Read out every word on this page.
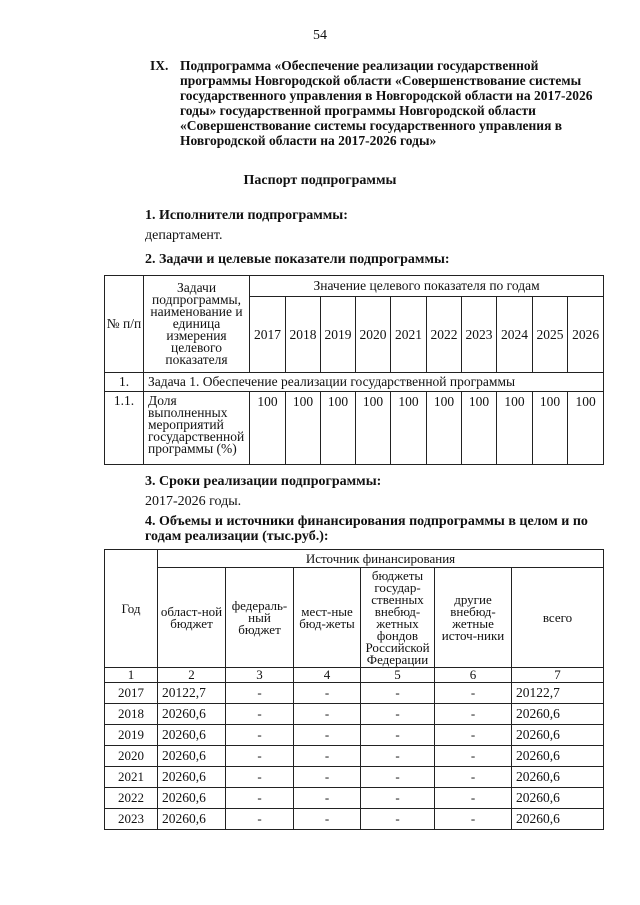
54
IX. Подпрограмма «Обеспечение реализации государственной программы Новгородской области «Совершенствование системы государственного управления в Новгородской области на 2017-2026 годы» государственной программы Новгородской области «Совершенствование системы государственного управления в Новгородской области на 2017-2026 годы»
Паспорт подпрограммы
1. Исполнители подпрограммы:
департамент.
2. Задачи и целевые показатели подпрограммы:
№ п/п	Задачи подпрограммы, наименование и единица измерения целевого показателя	Значение целевого показателя по годам									
		2017	2018	2019	2020	2021	2022	2023	2024	2025	2026
1.	Задача 1. Обеспечение реализации государственной программы										
1.1.	Доля выполненных мероприятий государственной программы (%)	100	100	100	100	100	100	100	100	100	100
3. Сроки реализации подпрограммы:
2017-2026 годы.
4. Объемы и источники финансирования подпрограммы в целом и по годам реализации (тыс.руб.):
Год	Источник финансирования					
	област-ной бюджет	федераль-ный бюджет	мест-ные бюд-жеты	бюджеты государ-ственных внебюд-жетных фондов Российской Федерации	другие внебюд-жетные источ-ники	всего
1	2	3	4	5	6	7
2017	20122,7	-	-	-	-	20122,7
2018	20260,6	-	-	-	-	20260,6
2019	20260,6	-	-	-	-	20260,6
2020	20260,6	-	-	-	-	20260,6
2021	20260,6	-	-	-	-	20260,6
2022	20260,6	-	-	-	-	20260,6
2023	20260,6	-	-	-	-	20260,6
